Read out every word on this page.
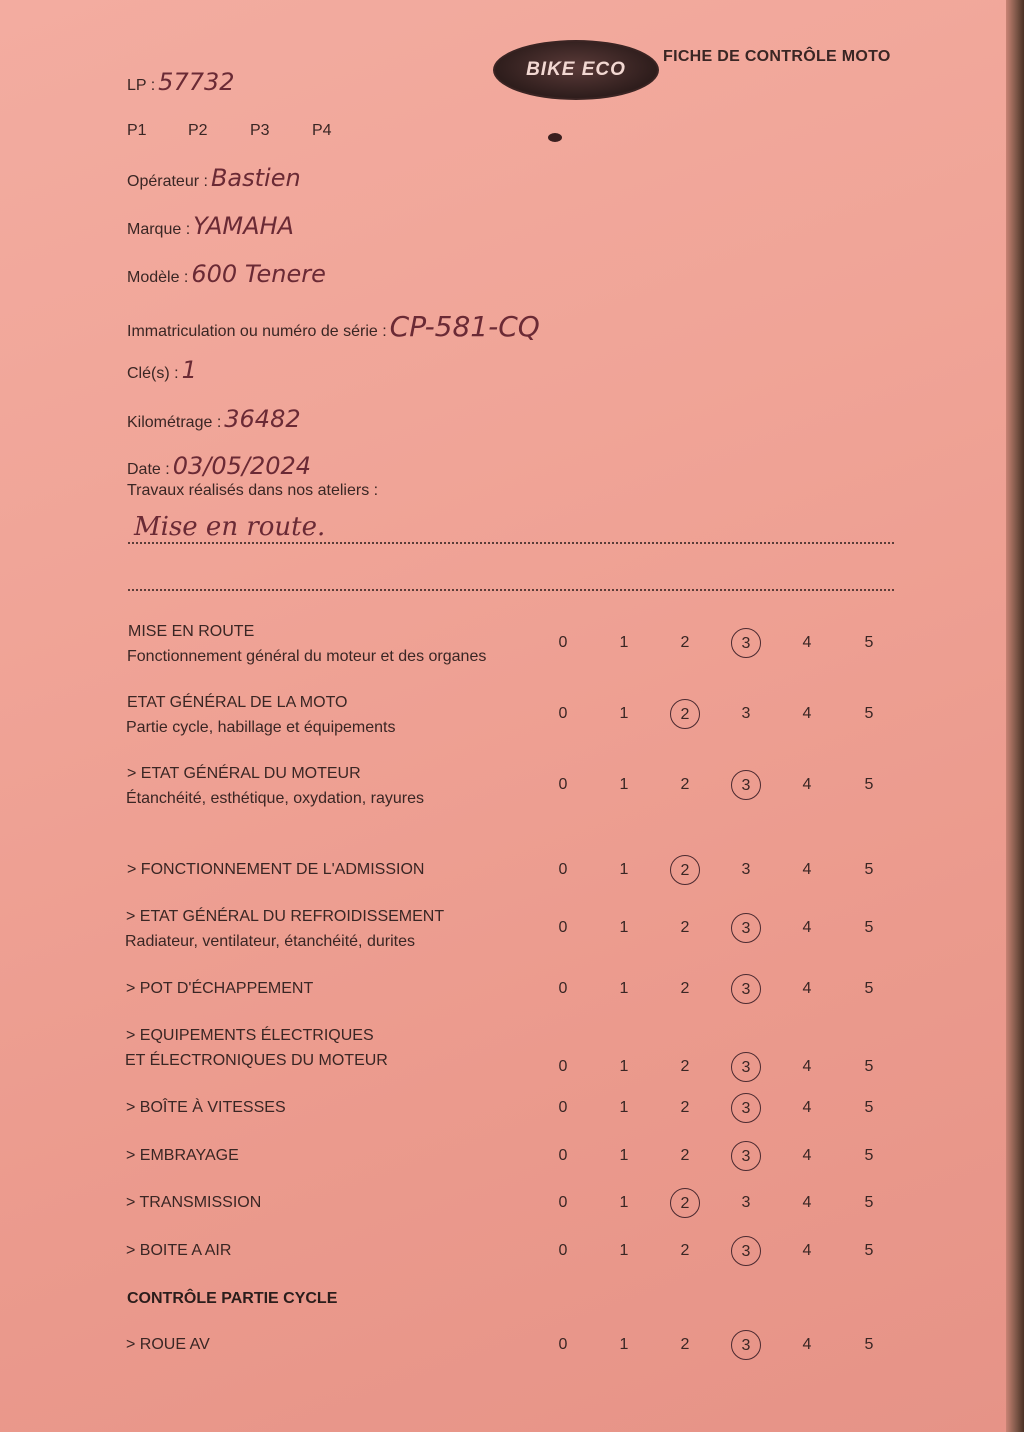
BIKE ECO
FICHE DE CONTRÔLE MOTO
LP : 57732
P1	P2	P3	P4
Opérateur : Bastien
Marque : YAMAHA
Modèle : 600 Tenere
Immatriculation ou numéro de série : CP-581-CQ
Clé(s) : 1
Kilométrage : 36482
Date : 03/05/2024
Travaux réalisés dans nos ateliers :
Mise en route.
MISE EN ROUTE
Fonctionnement général du moteur et des organes
0	1	2	3	4	5
ETAT GÉNÉRAL DE LA MOTO
Partie cycle, habillage et équipements
0	1	2	3	4	5
> ETAT GÉNÉRAL DU MOTEUR
Étanchéité, esthétique, oxydation, rayures
0	1	2	3	4	5
> FONCTIONNEMENT DE L'ADMISSION	0	1	2	3	4	5
> ETAT GÉNÉRAL DU REFROIDISSEMENT
Radiateur, ventilateur, étanchéité, durites
0	1	2	3	4	5
> POT D'ÉCHAPPEMENT	0	1	2	3	4	5
> EQUIPEMENTS ÉLECTRIQUES
ET ÉLECTRONIQUES DU MOTEUR	0	1	2	3	4	5
> BOÎTE À VITESSES	0	1	2	3	4	5
> EMBRAYAGE	0	1	2	3	4	5
> TRANSMISSION	0	1	2	3	4	5
> BOITE A AIR	0	1	2	3	4	5
CONTRÔLE PARTIE CYCLE
> ROUE AV	0	1	2	3	4	5
